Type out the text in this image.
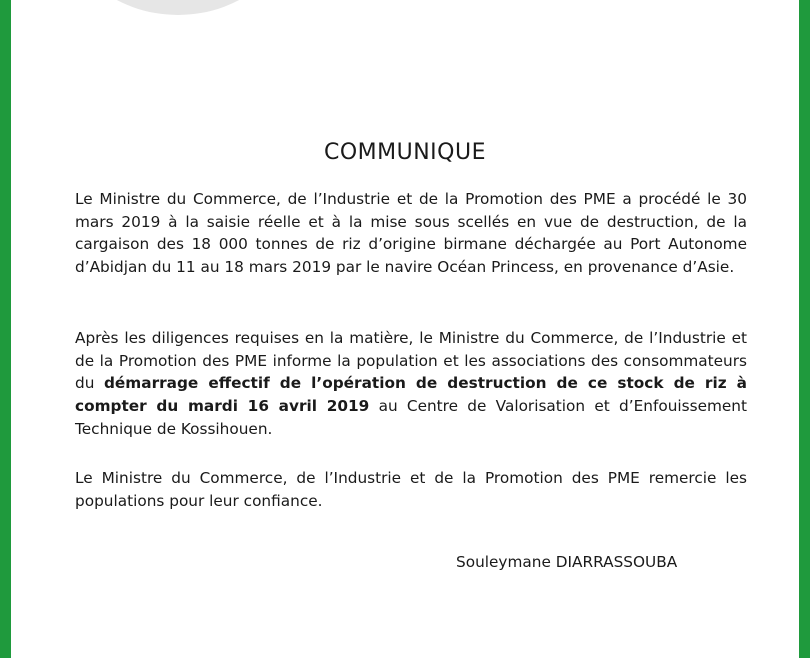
COMMUNIQUE

Le Ministre du Commerce, de l’Industrie et de la Promotion des PME a procédé le 30 mars 2019 à la saisie réelle et à la mise sous scellés en vue de destruction, de la cargaison des 18 000 tonnes de riz d’origine birmane déchargée au Port Autonome d’Abidjan du 11 au 18 mars 2019 par le navire Océan Princess, en provenance d’Asie.

Après les diligences requises en la matière, le Ministre du Commerce, de l’Industrie et de la Promotion des PME informe la population et les associations des consommateurs du démarrage effectif de l’opération de destruction de ce stock de riz à compter du mardi 16 avril 2019 au Centre de Valorisation et d’Enfouissement Technique de Kossihouen.

Le Ministre du Commerce, de l’Industrie et de la Promotion des PME remercie les populations pour leur confiance.

Souleymane DIARRASSOUBA
